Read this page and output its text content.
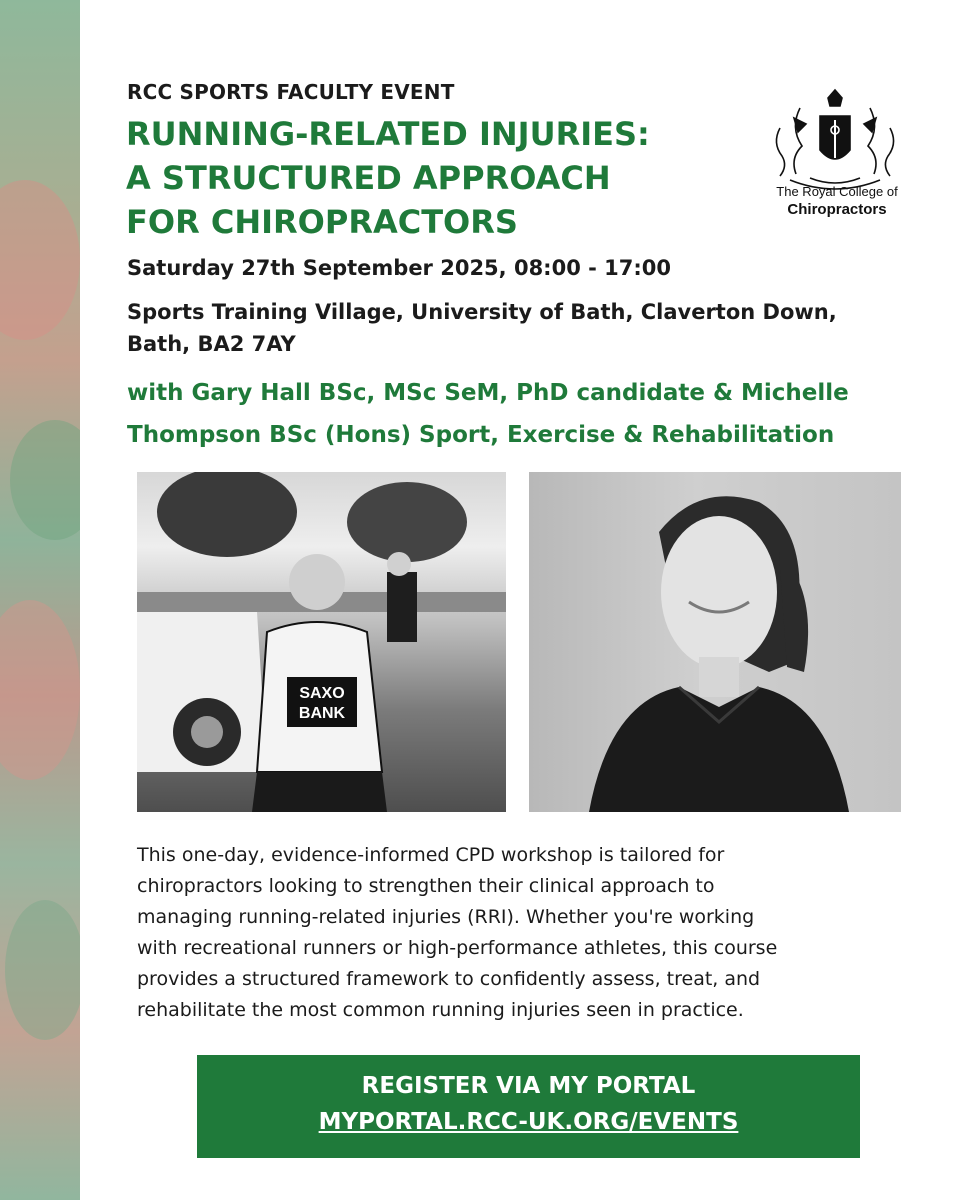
RCC SPORTS FACULTY EVENT
RUNNING-RELATED INJURIES:
A STRUCTURED APPROACH
FOR CHIROPRACTORS
The Royal College of
Chiropractors
Saturday 27th September 2025, 08:00 - 17:00
Sports Training Village, University of Bath, Claverton Down,
Bath, BA2 7AY
with Gary Hall BSc, MSc SeM, PhD candidate & Michelle
Thompson BSc (Hons) Sport, Exercise & Rehabilitation
SAXO
BANK
This one-day, evidence-informed CPD workshop is tailored for
chiropractors looking to strengthen their clinical approach to
managing running-related injuries (RRI). Whether you're working
with recreational runners or high-performance athletes, this course
provides a structured framework to confidently assess, treat, and
rehabilitate the most common running injuries seen in practice.
REGISTER VIA MY PORTAL
MYPORTAL.RCC-UK.ORG/EVENTS
